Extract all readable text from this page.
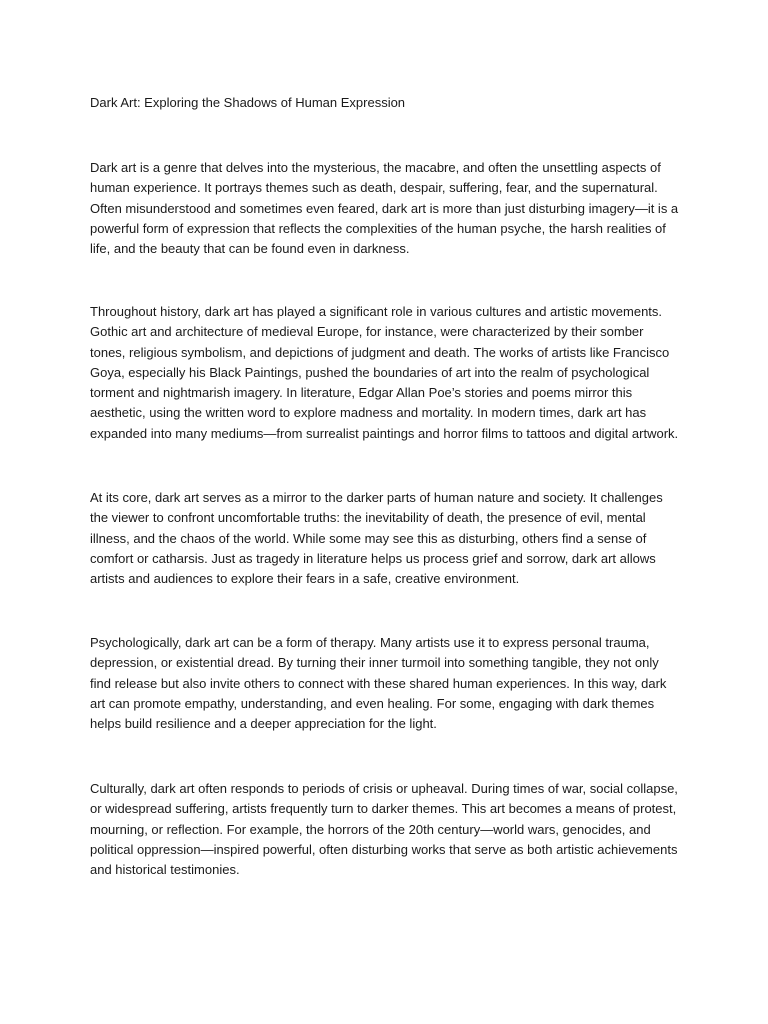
Dark Art: Exploring the Shadows of Human Expression

Dark art is a genre that delves into the mysterious, the macabre, and often the unsettling aspects of human experience. It portrays themes such as death, despair, suffering, fear, and the supernatural. Often misunderstood and sometimes even feared, dark art is more than just disturbing imagery—it is a powerful form of expression that reflects the complexities of the human psyche, the harsh realities of life, and the beauty that can be found even in darkness.

Throughout history, dark art has played a significant role in various cultures and artistic movements. Gothic art and architecture of medieval Europe, for instance, were characterized by their somber tones, religious symbolism, and depictions of judgment and death. The works of artists like Francisco Goya, especially his Black Paintings, pushed the boundaries of art into the realm of psychological torment and nightmarish imagery. In literature, Edgar Allan Poe’s stories and poems mirror this aesthetic, using the written word to explore madness and mortality. In modern times, dark art has expanded into many mediums—from surrealist paintings and horror films to tattoos and digital artwork.

At its core, dark art serves as a mirror to the darker parts of human nature and society. It challenges the viewer to confront uncomfortable truths: the inevitability of death, the presence of evil, mental illness, and the chaos of the world. While some may see this as disturbing, others find a sense of comfort or catharsis. Just as tragedy in literature helps us process grief and sorrow, dark art allows artists and audiences to explore their fears in a safe, creative environment.

Psychologically, dark art can be a form of therapy. Many artists use it to express personal trauma, depression, or existential dread. By turning their inner turmoil into something tangible, they not only find release but also invite others to connect with these shared human experiences. In this way, dark art can promote empathy, understanding, and even healing. For some, engaging with dark themes helps build resilience and a deeper appreciation for the light.

Culturally, dark art often responds to periods of crisis or upheaval. During times of war, social collapse, or widespread suffering, artists frequently turn to darker themes. This art becomes a means of protest, mourning, or reflection. For example, the horrors of the 20th century—world wars, genocides, and political oppression—inspired powerful, often disturbing works that serve as both artistic achievements and historical testimonies.
